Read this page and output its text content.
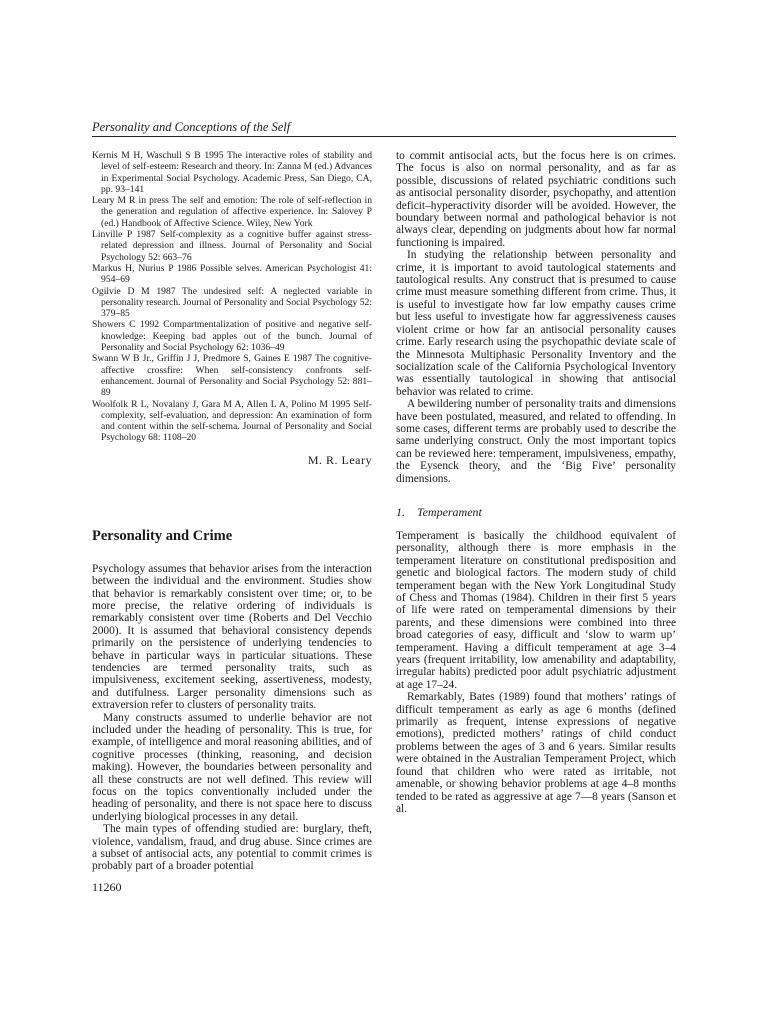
Personality and Conceptions of the Self
Kernis M H, Waschull S B 1995 The interactive roles of stability and level of self-esteem: Research and theory. In: Zanna M (ed.) Advances in Experimental Social Psychology. Academic Press, San Diego, CA, pp. 93–141
Leary M R in press The self and emotion: The role of self-reflection in the generation and regulation of affective experience. In: Salovey P (ed.) Handbook of Affective Science. Wiley, New York
Linville P 1987 Self-complexity as a cognitive buffer against stress-related depression and illness. Journal of Personality and Social Psychology 52: 663–76
Markus H, Nurius P 1986 Possible selves. American Psychologist 41: 954–69
Ogilvie D M 1987 The undesired self: A neglected variable in personality research. Journal of Personality and Social Psychology 52: 379–85
Showers C 1992 Compartmentalization of positive and negative self-knowledge: Keeping bad apples out of the bunch. Journal of Personality and Social Psychology 62: 1036–49
Swann W B Jr., Griffin J J, Predmore S, Gaines E 1987 The cognitive-affective crossfire: When self-consistency confronts self-enhancement. Journal of Personality and Social Psychology 52: 881–89
Woolfolk R L, Novalany J, Gara M A, Allen L A, Polino M 1995 Self-complexity, self-evaluation, and depression: An examination of form and content within the self-schema. Journal of Personality and Social Psychology 68: 1108–20
M. R. Leary
Personality and Crime

Psychology assumes that behavior arises from the interaction between the individual and the environment. Studies show that behavior is remarkably consistent over time; or, to be more precise, the relative ordering of individuals is remarkably consistent over time (Roberts and Del Vecchio 2000). It is assumed that behavioral consistency depends primarily on the persistence of underlying tendencies to behave in particular ways in particular situations. These tendencies are termed personality traits, such as impulsiveness, excitement seeking, assertiveness, modesty, and dutifulness. Larger personality dimensions such as extraversion refer to clusters of personality traits.

Many constructs assumed to underlie behavior are not included under the heading of personality. This is true, for example, of intelligence and moral reasoning abilities, and of cognitive processes (thinking, reasoning, and decision making). However, the boundaries between personality and all these constructs are not well defined. This review will focus on the topics conventionally included under the heading of personality, and there is not space here to discuss underlying biological processes in any detail.

The main types of offending studied are: burglary, theft, violence, vandalism, fraud, and drug abuse. Since crimes are a subset of antisocial acts, any potential to commit crimes is probably part of a broader potential

to commit antisocial acts, but the focus here is on crimes. The focus is also on normal personality, and as far as possible, discussions of related psychiatric conditions such as antisocial personality disorder, psychopathy, and attention deficit–hyperactivity disorder will be avoided. However, the boundary between normal and pathological behavior is not always clear, depending on judgments about how far normal functioning is impaired.

In studying the relationship between personality and crime, it is important to avoid tautological statements and tautological results. Any construct that is presumed to cause crime must measure something different from crime. Thus, it is useful to investigate how far low empathy causes crime but less useful to investigate how far aggressiveness causes violent crime or how far an antisocial personality causes crime. Early research using the psychopathic deviate scale of the Minnesota Multiphasic Personality Inventory and the socialization scale of the California Psychological Inventory was essentially tautological in showing that antisocial behavior was related to crime.

A bewildering number of personality traits and dimensions have been postulated, measured, and related to offending. In some cases, different terms are probably used to describe the same underlying construct. Only the most important topics can be reviewed here: temperament, impulsiveness, empathy, the Eysenck theory, and the ‘Big Five’ personality dimensions.

1. Temperament

Temperament is basically the childhood equivalent of personality, although there is more emphasis in the temperament literature on constitutional predisposition and genetic and biological factors. The modern study of child temperament began with the New York Longitudinal Study of Chess and Thomas (1984). Children in their first 5 years of life were rated on temperamental dimensions by their parents, and these dimensions were combined into three broad categories of easy, difficult and ‘slow to warm up’ temperament. Having a difficult temperament at age 3–4 years (frequent irritability, low amenability and adaptability, irregular habits) predicted poor adult psychiatric adjustment at age 17–24.

Remarkably, Bates (1989) found that mothers’ ratings of difficult temperament as early as age 6 months (defined primarily as frequent, intense expressions of negative emotions), predicted mothers’ ratings of child conduct problems between the ages of 3 and 6 years. Similar results were obtained in the Australian Temperament Project, which found that children who were rated as irritable, not amenable, or showing behavior problems at age 4–8 months tended to be rated as aggressive at age 7—8 years (Sanson et al.

11260
